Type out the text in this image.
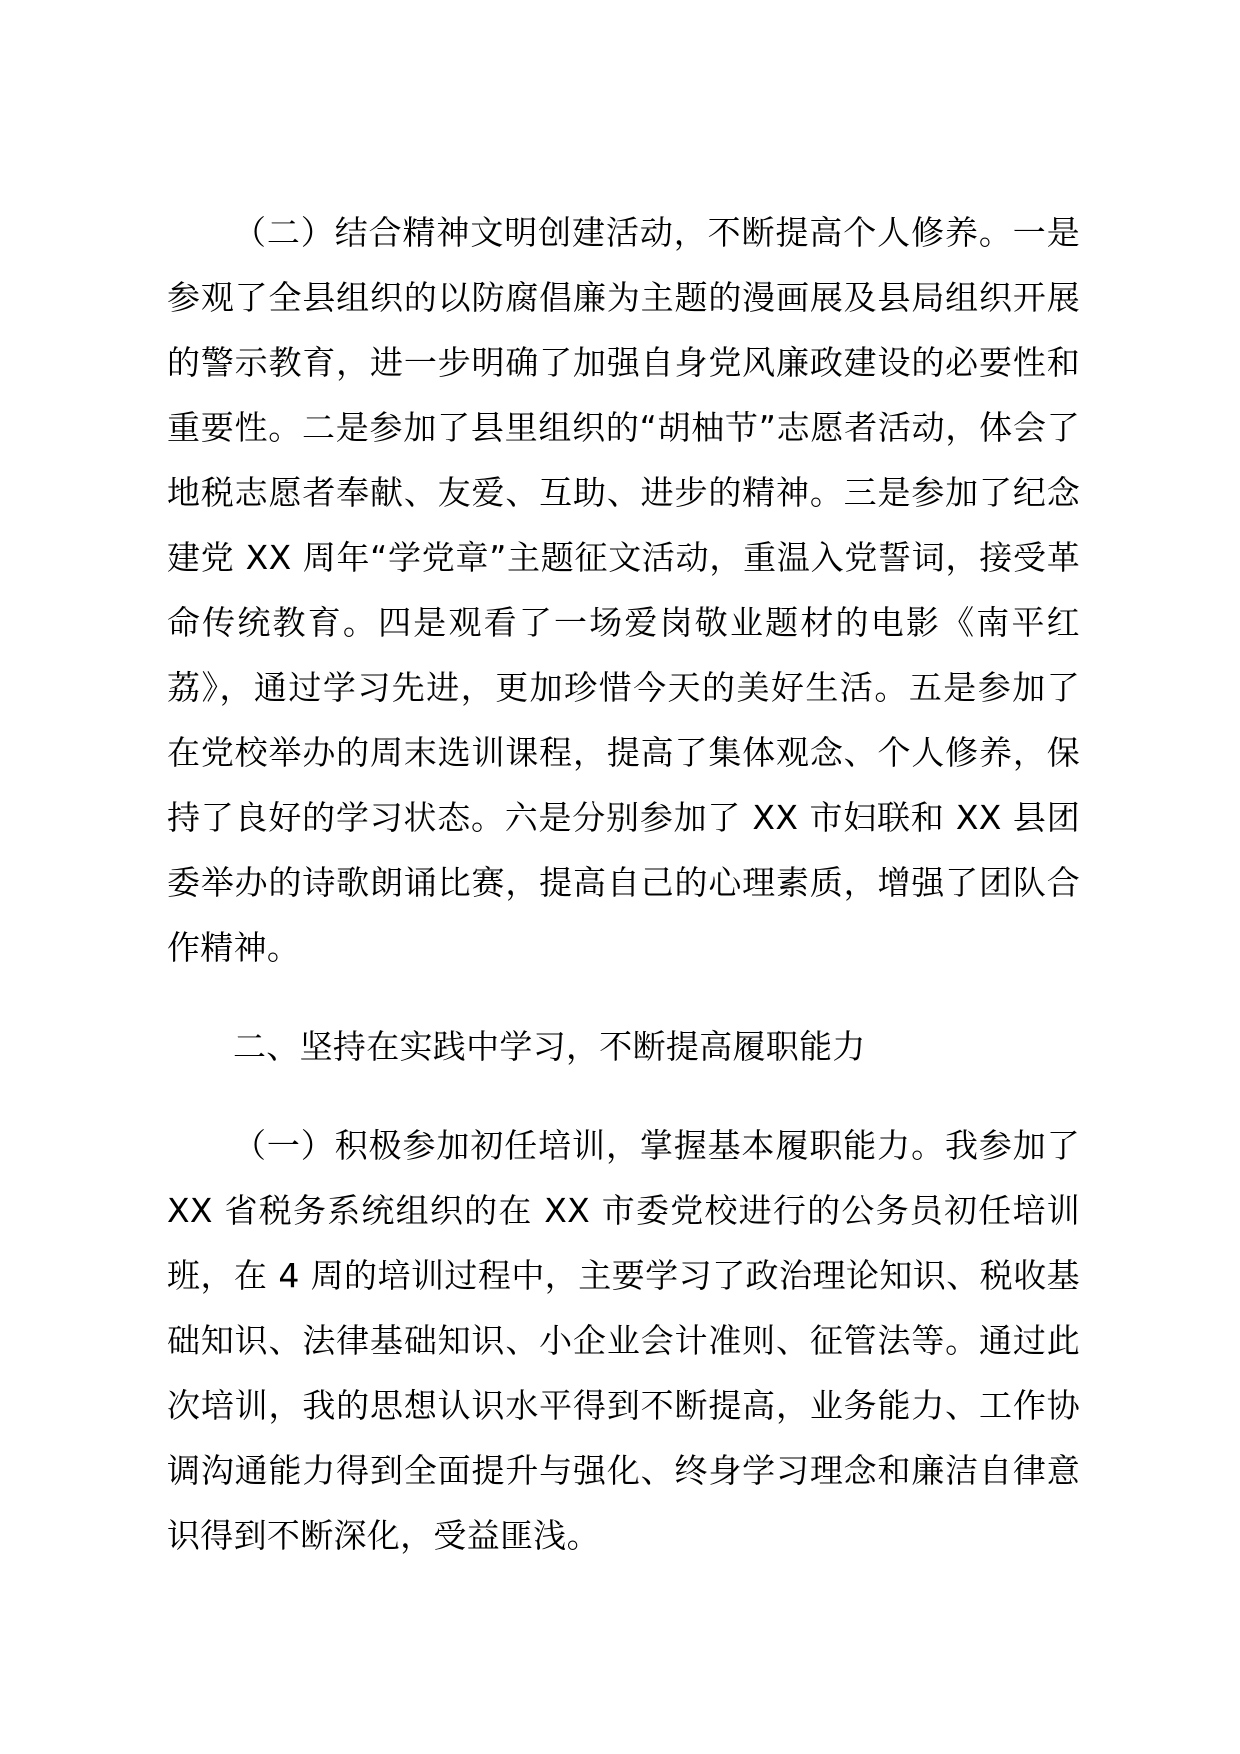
（二）结合精神文明创建活动，不断提高个人修养。一是参观了全县组织的以防腐倡廉为主题的漫画展及县局组织开展的警示教育，进一步明确了加强自身党风廉政建设的必要性和重要性。二是参加了县里组织的“胡柚节”志愿者活动，体会了地税志愿者奉献、友爱、互助、进步的精神。三是参加了纪念建党 XX 周年“学党章”主题征文活动，重温入党誓词，接受革命传统教育。四是观看了一场爱岗敬业题材的电影《南平红荔》，通过学习先进，更加珍惜今天的美好生活。五是参加了在党校举办的周末选训课程，提高了集体观念、个人修养，保持了良好的学习状态。六是分别参加了 XX 市妇联和 XX 县团委举办的诗歌朗诵比赛，提高自己的心理素质，增强了团队合作精神。

二、坚持在实践中学习，不断提高履职能力

（一）积极参加初任培训，掌握基本履职能力。我参加了 XX 省税务系统组织的在 XX 市委党校进行的公务员初任培训班，在 4 周的培训过程中，主要学习了政治理论知识、税收基础知识、法律基础知识、小企业会计准则、征管法等。通过此次培训，我的思想认识水平得到不断提高，业务能力、工作协调沟通能力得到全面提升与强化、终身学习理念和廉洁自律意识得到不断深化，受益匪浅。
